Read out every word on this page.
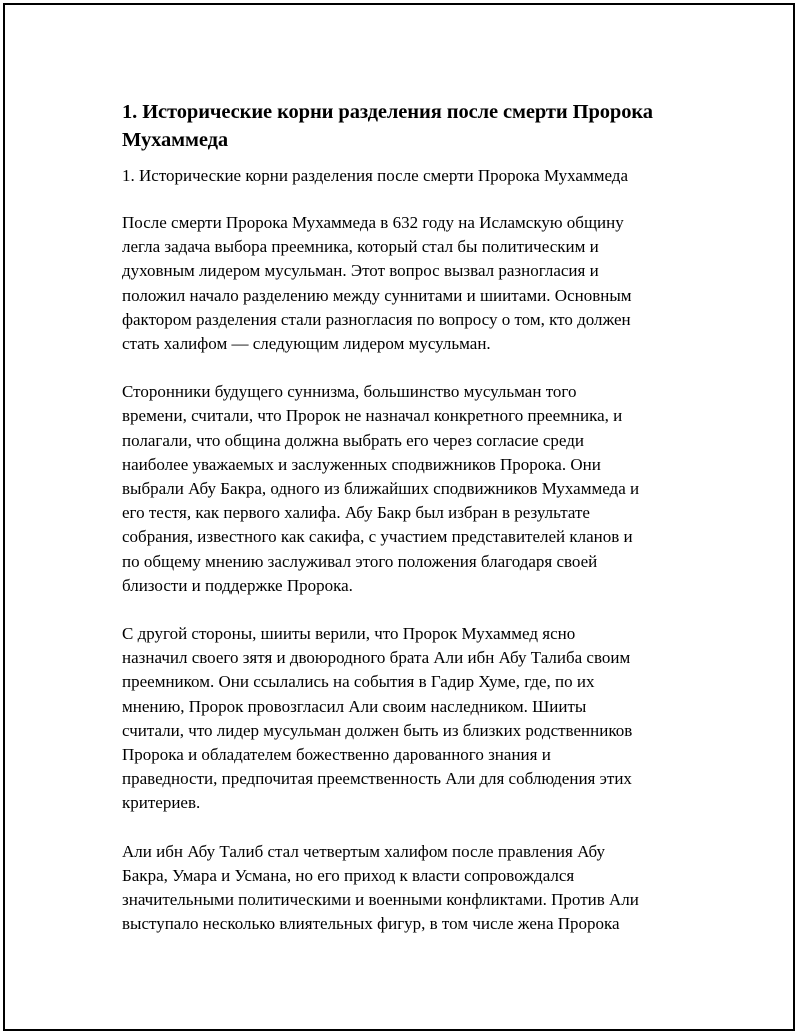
1. Исторические корни разделения после смерти Пророка Мухаммеда

1. Исторические корни разделения после смерти Пророка Мухаммеда

После смерти Пророка Мухаммеда в 632 году на Исламскую общину
легла задача выбора преемника, который стал бы политическим и
духовным лидером мусульман. Этот вопрос вызвал разногласия и
положил начало разделению между суннитами и шиитами. Основным
фактором разделения стали разногласия по вопросу о том, кто должен
стать халифом — следующим лидером мусульман.

Сторонники будущего суннизма, большинство мусульман того
времени, считали, что Пророк не назначал конкретного преемника, и
полагали, что община должна выбрать его через согласие среди
наиболее уважаемых и заслуженных сподвижников Пророка. Они
выбрали Абу Бакра, одного из ближайших сподвижников Мухаммеда и
его тестя, как первого халифа. Абу Бакр был избран в результате
собрания, известного как сакифа, с участием представителей кланов и
по общему мнению заслуживал этого положения благодаря своей
близости и поддержке Пророка.

С другой стороны, шииты верили, что Пророк Мухаммед ясно
назначил своего зятя и двоюродного брата Али ибн Абу Талиба своим
преемником. Они ссылались на события в Гадир Хуме, где, по их
мнению, Пророк провозгласил Али своим наследником. Шииты
считали, что лидер мусульман должен быть из близких родственников
Пророка и обладателем божественно дарованного знания и
праведности, предпочитая преемственность Али для соблюдения этих
критериев.

Али ибн Абу Талиб стал четвертым халифом после правления Абу
Бакра, Умара и Усмана, но его приход к власти сопровождался
значительными политическими и военными конфликтами. Против Али
выступало несколько влиятельных фигур, в том числе жена Пророка
